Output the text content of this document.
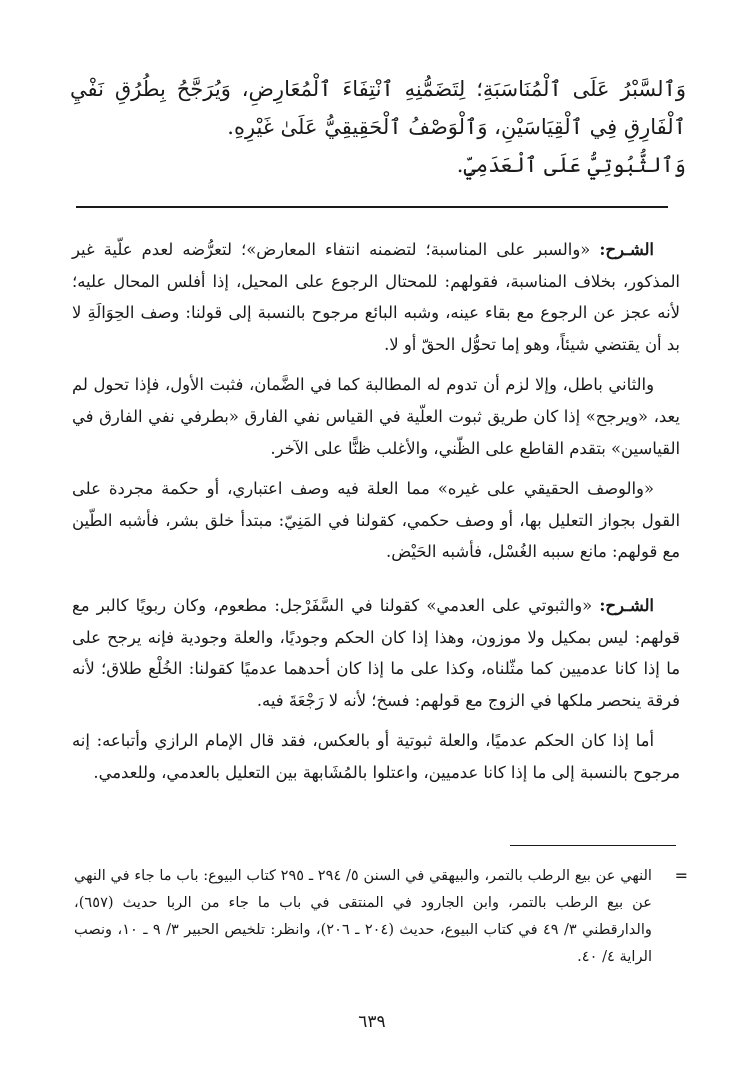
وَٱلسَّبْرُ عَلَى ٱلْمُنَاسَبَةِ؛ لِتَضَمُّنِهِ ٱنْتِفَاءَ ٱلْمُعَارِضِ، وَيُرَجَّحُ بِطُرُقِ نَفْيِ ٱلْفَارِقِ فِي ٱلْقِيَاسَيْنِ، وَٱلْوَصْفُ ٱلْحَقِيقِيُّ عَلَىٰ غَيْرِهِ.

وَٱلثُّبُوتِيُّ عَلَى ٱلْعَدَمِيِّ.

الشـرح: «والسبر على المناسبة؛ لتضمنه انتفاء المعارض»؛ لتعرُّضه لعدم علّية غير المذكور، بخلاف المناسبة، فقولهم: للمحتال الرجوع على المحيل، إذا أفلس المحال عليه؛ لأنه عجز عن الرجوع مع بقاء عينه، وشبه البائع مرجوح بالنسبة إلى قولنا: وصف الحِوَالَةِ لا بد أن يقتضي شيئاً، وهو إما تحوُّل الحقّ أو لا.

والثاني باطل، وإلا لزم أن تدوم له المطالبة كما في الضَّمان، فثبت الأول، فإذا تحول لم يعد، «ويرجح» إذا كان طريق ثبوت العلّية في القياس نفي الفارق «بطرفي نفي الفارق في القياسين» بتقدم القاطع على الظّني، والأغلب ظنًّا على الآخر.

«والوصف الحقيقي على غيره» مما العلة فيه وصف اعتباري، أو حكمة مجردة على القول بجواز التعليل بها، أو وصف حكمي، كقولنا في المَنِيّ: مبتدأ خلق بشر، فأشبه الطّين مع قولهم: مانع سببه الغُسْل، فأشبه الحَيْض.

الشـرح: «والثبوتي على العدمي» كقولنا في السَّفَرْجل: مطعوم، وكان ربويًا كالبر مع قولهم: ليس بمكيل ولا موزون، وهذا إذا كان الحكم وجوديًا، والعلة وجودية فإنه يرجح على ما إذا كانا عدميين كما مثّلناه، وكذا على ما إذا كان أحدهما عدميًا كقولنا: الخُلْع طلاق؛ لأنه فرقة ينحصر ملكها في الزوج مع قولهم: فسخ؛ لأنه لا رَجْعَةَ فيه.

أما إذا كان الحكم عدميًا، والعلة ثبوتية أو بالعكس، فقد قال الإمام الرازي وأتباعه: إنه مرجوح بالنسبة إلى ما إذا كانا عدميين، واعتلوا بالمُشَابهة بين التعليل بالعدمي، وللعدمي.

=
النهي عن بيع الرطب بالتمر، والبيهقي في السنن ٥/ ٢٩٤ ـ ٢٩٥ كتاب البيوع: باب ما جاء في النهي عن بيع الرطب بالتمر، وابن الجارود في المنتقى في باب ما جاء من الربا حديث (٦٥٧)، والدارقطني ٣/ ٤٩ في كتاب البيوع، حديث (٢٠٤ ـ ٢٠٦)، وانظر: تلخيص الحبير ٣/ ٩ ـ ١٠، ونصب الراية ٤/ ٤٠.
٦٣٩
